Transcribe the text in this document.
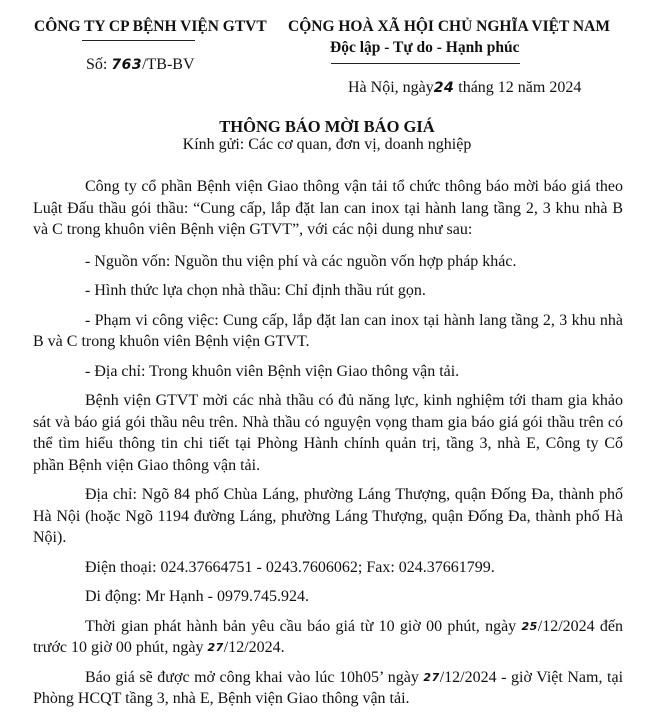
CÔNG TY CP BỆNH VIỆN GTVT
Số: 763/TB-BV
CỘNG HOÀ XÃ HỘI CHỦ NGHĨA VIỆT NAM
Độc lập - Tự do - Hạnh phúc
Hà Nội, ngày24 tháng 12 năm 2024
THÔNG BÁO MỜI BÁO GIÁ
Kính gửi: Các cơ quan, đơn vị, doanh nghiệp

Công ty cổ phần Bệnh viện Giao thông vận tải tổ chức thông báo mời báo giá theo Luật Đấu thầu gói thầu: “Cung cấp, lắp đặt lan can inox tại hành lang tầng 2, 3 khu nhà B và C trong khuôn viên Bệnh viện GTVT”, với các nội dung như sau:

- Nguồn vốn: Nguồn thu viện phí và các nguồn vốn hợp pháp khác.

- Hình thức lựa chọn nhà thầu: Chỉ định thầu rút gọn.

- Phạm vi công việc: Cung cấp, lắp đặt lan can inox tại hành lang tầng 2, 3 khu nhà B và C trong khuôn viên Bệnh viện GTVT.

- Địa chỉ: Trong khuôn viên Bệnh viện Giao thông vận tải.

Bệnh viện GTVT mời các nhà thầu có đủ năng lực, kinh nghiệm tới tham gia khảo sát và báo giá gói thầu nêu trên. Nhà thầu có nguyện vọng tham gia báo giá gói thầu trên có thể tìm hiểu thông tin chi tiết tại Phòng Hành chính quản trị, tầng 3, nhà E, Công ty Cổ phần Bệnh viện Giao thông vận tải.

Địa chỉ: Ngõ 84 phố Chùa Láng, phường Láng Thượng, quận Đống Đa, thành phố Hà Nội (hoặc Ngõ 1194 đường Láng, phường Láng Thượng, quận Đống Đa, thành phố Hà Nội).

Điện thoại: 024.37664751 - 0243.7606062; Fax: 024.37661799.

Di động: Mr Hạnh - 0979.745.924.

Thời gian phát hành bản yêu cầu báo giá từ 10 giờ 00 phút, ngày 25/12/2024 đến trước 10 giờ 00 phút, ngày 27/12/2024.

Báo giá sẽ được mở công khai vào lúc 10h05’ ngày 27/12/2024 - giờ Việt Nam, tại Phòng HCQT tầng 3, nhà E, Bệnh viện Giao thông vận tải.
